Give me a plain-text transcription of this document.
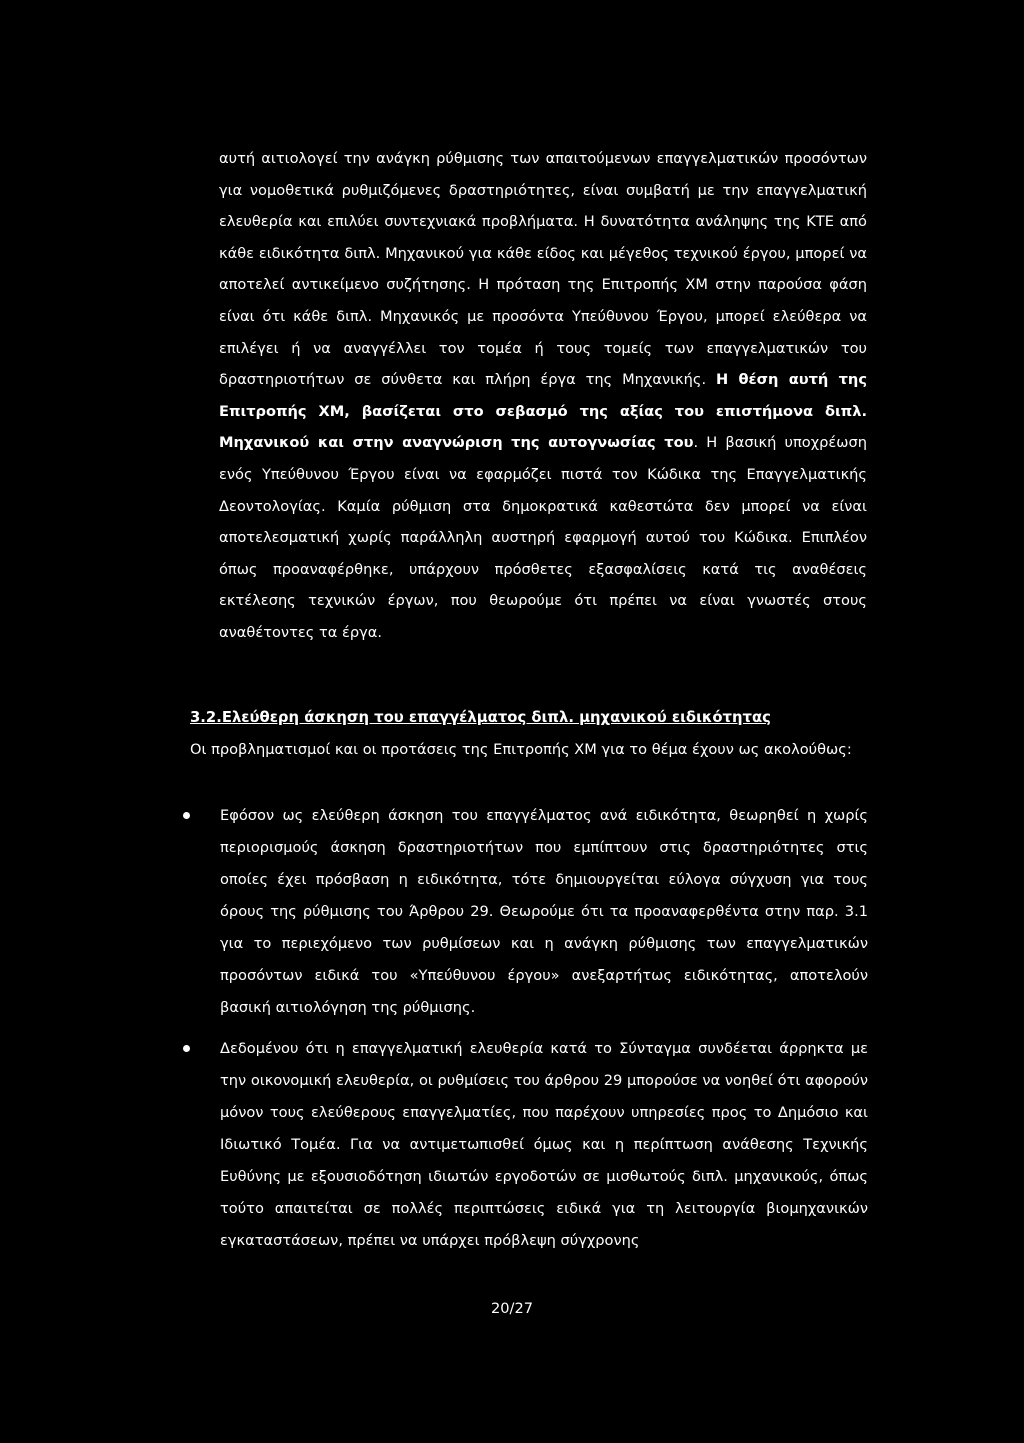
αυτή αιτιολογεί την ανάγκη ρύθμισης των απαιτούμενων επαγγελματικών προσόντων για νομοθετικά ρυθμιζόμενες δραστηριότητες, είναι συμβατή με την επαγγελματική ελευθερία και επιλύει συντεχνιακά προβλήματα. Η δυνατότητα ανάληψης της ΚΤΕ από κάθε ειδικότητα διπλ. Μηχανικού για κάθε είδος και μέγεθος τεχνικού έργου, μπορεί να αποτελεί αντικείμενο συζήτησης. Η πρόταση της Επιτροπής ΧΜ στην παρούσα φάση είναι ότι κάθε διπλ. Μηχανικός με προσόντα Υπεύθυνου Έργου, μπορεί ελεύθερα να επιλέγει ή να αναγγέλλει τον τομέα ή τους τομείς των επαγγελματικών του δραστηριοτήτων σε σύνθετα και πλήρη έργα της Μηχανικής. Η θέση αυτή της Επιτροπής ΧΜ, βασίζεται στο σεβασμό της αξίας του επιστήμονα διπλ. Μηχανικού και στην αναγνώριση της αυτογνωσίας του. Η βασική υποχρέωση ενός Υπεύθυνου Έργου είναι να εφαρμόζει πιστά τον Κώδικα της Επαγγελματικής Δεοντολογίας. Καμία ρύθμιση στα δημοκρατικά καθεστώτα δεν μπορεί να είναι αποτελεσματική χωρίς παράλληλη αυστηρή εφαρμογή αυτού του Κώδικα. Επιπλέον όπως προαναφέρθηκε, υπάρχουν πρόσθετες εξασφαλίσεις κατά τις αναθέσεις εκτέλεσης τεχνικών έργων, που θεωρούμε ότι πρέπει να είναι γνωστές στους αναθέτοντες τα έργα.

3.2.Ελεύθερη άσκηση του επαγγέλματος διπλ. μηχανικού ειδικότητας

Οι προβληματισμοί και οι προτάσεις της Επιτροπής ΧΜ για το θέμα έχουν ως ακολούθως:

Εφόσον ως ελεύθερη άσκηση του επαγγέλματος ανά ειδικότητα, θεωρηθεί η χωρίς περιορισμούς άσκηση δραστηριοτήτων που εμπίπτουν στις δραστηριότητες στις οποίες έχει πρόσβαση η ειδικότητα, τότε δημιουργείται εύλογα σύγχυση για τους όρους της ρύθμισης του Άρθρου 29. Θεωρούμε ότι τα προαναφερθέντα στην παρ. 3.1 για το περιεχόμενο των ρυθμίσεων και η ανάγκη ρύθμισης των επαγγελματικών προσόντων ειδικά του «Υπεύθυνου έργου» ανεξαρτήτως ειδικότητας, αποτελούν βασική αιτιολόγηση της ρύθμισης.
Δεδομένου ότι η επαγγελματική ελευθερία κατά το Σύνταγμα συνδέεται άρρηκτα με την οικονομική ελευθερία, οι ρυθμίσεις του άρθρου 29 μπορούσε να νοηθεί ότι αφορούν μόνον τους ελεύθερους επαγγελματίες, που παρέχουν υπηρεσίες προς το Δημόσιο και Ιδιωτικό Τομέα. Για να αντιμετωπισθεί όμως και η περίπτωση ανάθεσης Τεχνικής Ευθύνης με εξουσιοδότηση ιδιωτών εργοδοτών σε μισθωτούς διπλ. μηχανικούς, όπως τούτο απαιτείται σε πολλές περιπτώσεις ειδικά για τη λειτουργία βιομηχανικών εγκαταστάσεων, πρέπει να υπάρχει πρόβλεψη σύγχρονης
20/27
